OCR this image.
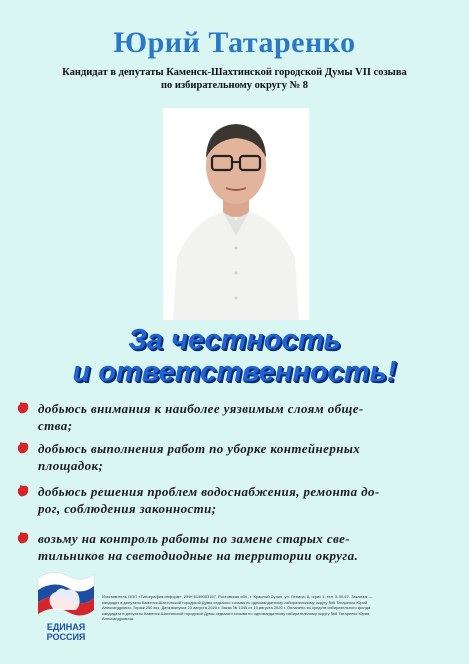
Юрий Татаренко
Кандидат в депутаты Каменск-Шахтинской городской Думы VII созыва
по избирательному округу № 8
За честность
и ответственность!
добьюсь внимания к наиболее уязвимым слоям обще-
ства;
добьюсь выполнения работ по уборке контейнерных
площадок;
добьюсь решения проблем водоснабжения, ремонта до-
рог, соблюдения законности;
возьму на контроль работы по замене старых све-
тильников на светодиодные на территории округа.
ЕДИНАЯ
РОССИЯ
Изготовитель ООО «Типография-информ», ИНН 6149003157, Ростовская обл., г. Красный Сулин, ул. Ленина, 8, офис 1, тел. 5-30-57. Заказчик —
кандидат в депутаты Каменск-Шахтинской городской Думы седьмого созыва по одномандатному избирательному округу №8 Татаренко Юрий
Александрович. Тираж 250 экз. Дата выпуска 23 августа 2020 г. Заказ № 1345 от 19 августа 2020 г. Оплачено из средств избирательного фонда
кандидата в депутаты Каменск-Шахтинской городской Думы седьмого созыва по одномандатному избирательному округу №8 Татаренко Юрия
Александровича.
